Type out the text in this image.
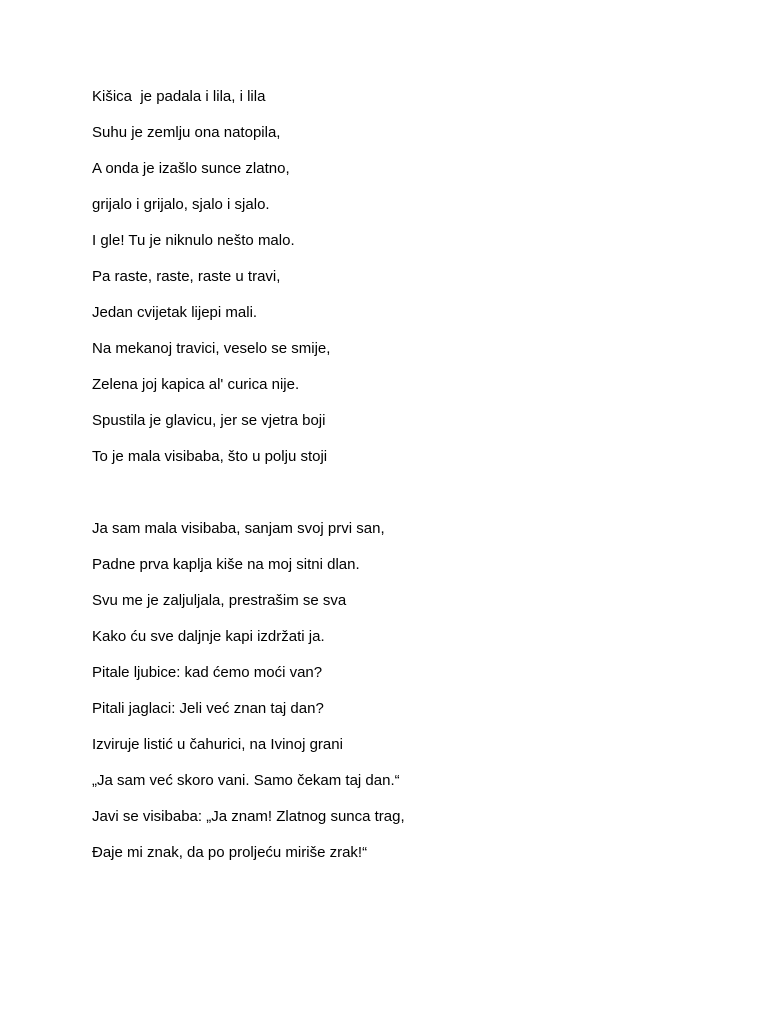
Kišica  je padala i lila, i lila
Suhu je zemlju ona natopila,
A onda je izašlo sunce zlatno,
grijalo i grijalo, sjalo i sjalo.
I gle! Tu je niknulo nešto malo.
Pa raste, raste, raste u travi,
Jedan cvijetak lijepi mali.
Na mekanoj travici, veselo se smije,
Zelena joj kapica al' curica nije.
Spustila je glavicu, jer se vjetra boji
To je mala visibaba, što u polju stoji
Ja sam mala visibaba, sanjam svoj prvi san,
Padne prva kaplja kiše na moj sitni dlan.
Svu me je zaljuljala, prestrašim se sva
Kako ću sve daljnje kapi izdržati ja.
Pitale ljubice: kad ćemo moći van?
Pitali jaglaci: Jeli već znan taj dan?
Izviruje listić u čahurici, na Ivinoj grani
„Ja sam već skoro vani. Samo čekam taj dan.“
Javi se visibaba: „Ja znam! Zlatnog sunca trag,
Đaje mi znak, da po proljeću miriše zrak!“
